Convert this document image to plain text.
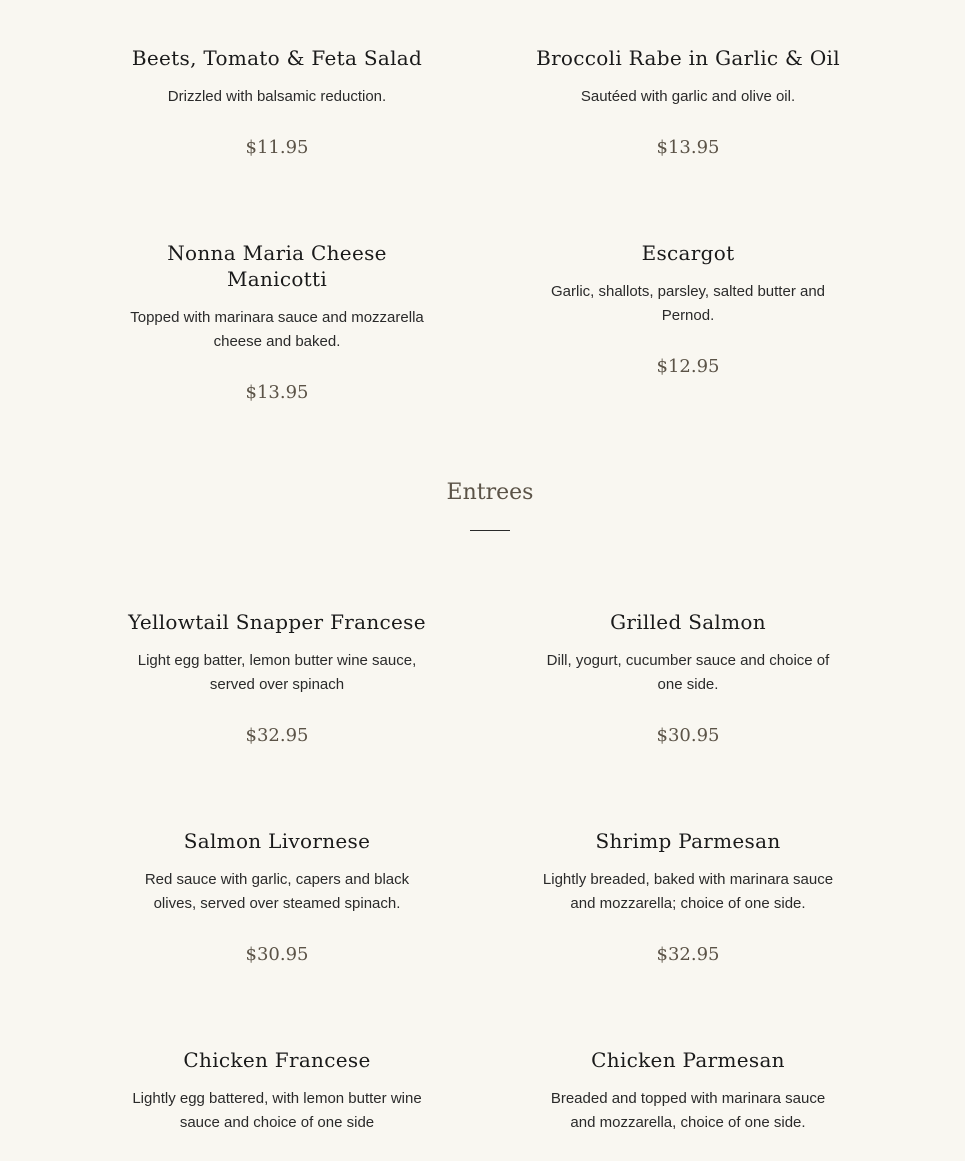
Beets, Tomato & Feta Salad

Drizzled with balsamic reduction.

$11.95
Broccoli Rabe in Garlic & Oil

Sautéed with garlic and olive oil.

$13.95
Nonna Maria Cheese Manicotti

Topped with marinara sauce and mozzarella cheese and baked.

$13.95
Escargot

Garlic, shallots, parsley, salted butter and Pernod.

$12.95
Entrees
Yellowtail Snapper Francese

Light egg batter, lemon butter wine sauce, served over spinach

$32.95
Grilled Salmon

Dill, yogurt, cucumber sauce and choice of one side.

$30.95
Salmon Livornese

Red sauce with garlic, capers and black olives, served over steamed spinach.

$30.95
Shrimp Parmesan

Lightly breaded, baked with marinara sauce and mozzarella; choice of one side.

$32.95
Chicken Francese

Lightly egg battered, with lemon butter wine sauce and choice of one side

Chicken Parmesan

Breaded and topped with marinara sauce and mozzarella, choice of one side.
